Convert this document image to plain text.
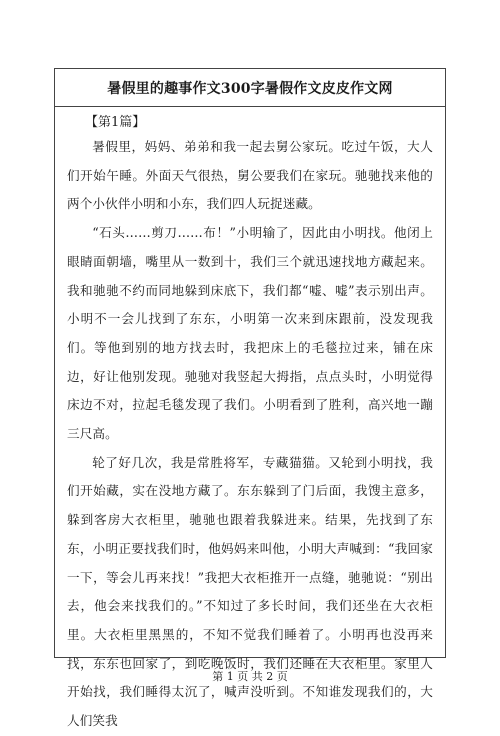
暑假里的趣事作文300字暑假作文皮皮作文网
【第1篇】

暑假里，妈妈、弟弟和我一起去舅公家玩。吃过午饭，大人们开始午睡。外面天气很热，舅公要我们在家玩。驰驰找来他的两个小伙伴小明和小东，我们四人玩捉迷藏。

“石头……剪刀……布！”小明输了，因此由小明找。他闭上眼睛面朝墙，嘴里从一数到十，我们三个就迅速找地方藏起来。我和驰驰不约而同地躲到床底下，我们都“嘘、嘘”表示别出声。小明不一会儿找到了东东，小明第一次来到床跟前，没发现我们。等他到别的地方找去时，我把床上的毛毯拉过来，铺在床边，好让他别发现。驰驰对我竖起大拇指，点点头时，小明觉得床边不对，拉起毛毯发现了我们。小明看到了胜利，高兴地一蹦三尺高。

轮了好几次，我是常胜将军，专藏猫猫。又轮到小明找，我们开始藏，实在没地方藏了。东东躲到了门后面，我馊主意多，躲到客房大衣柜里，驰驰也跟着我躲进来。结果，先找到了东东，小明正要找我们时，他妈妈来叫他，小明大声喊到：“我回家一下，等会儿再来找！”我把大衣柜推开一点缝，驰驰说：“别出去，他会来找我们的。”不知过了多长时间，我们还坐在大衣柜里。大衣柜里黑黑的，不知不觉我们睡着了。小明再也没再来找，东东也回家了，到吃晚饭时，我们还睡在大衣柜里。家里人开始找，我们睡得太沉了，喊声没听到。不知谁发现我们的，大人们笑我

第 1 页 共 2 页
